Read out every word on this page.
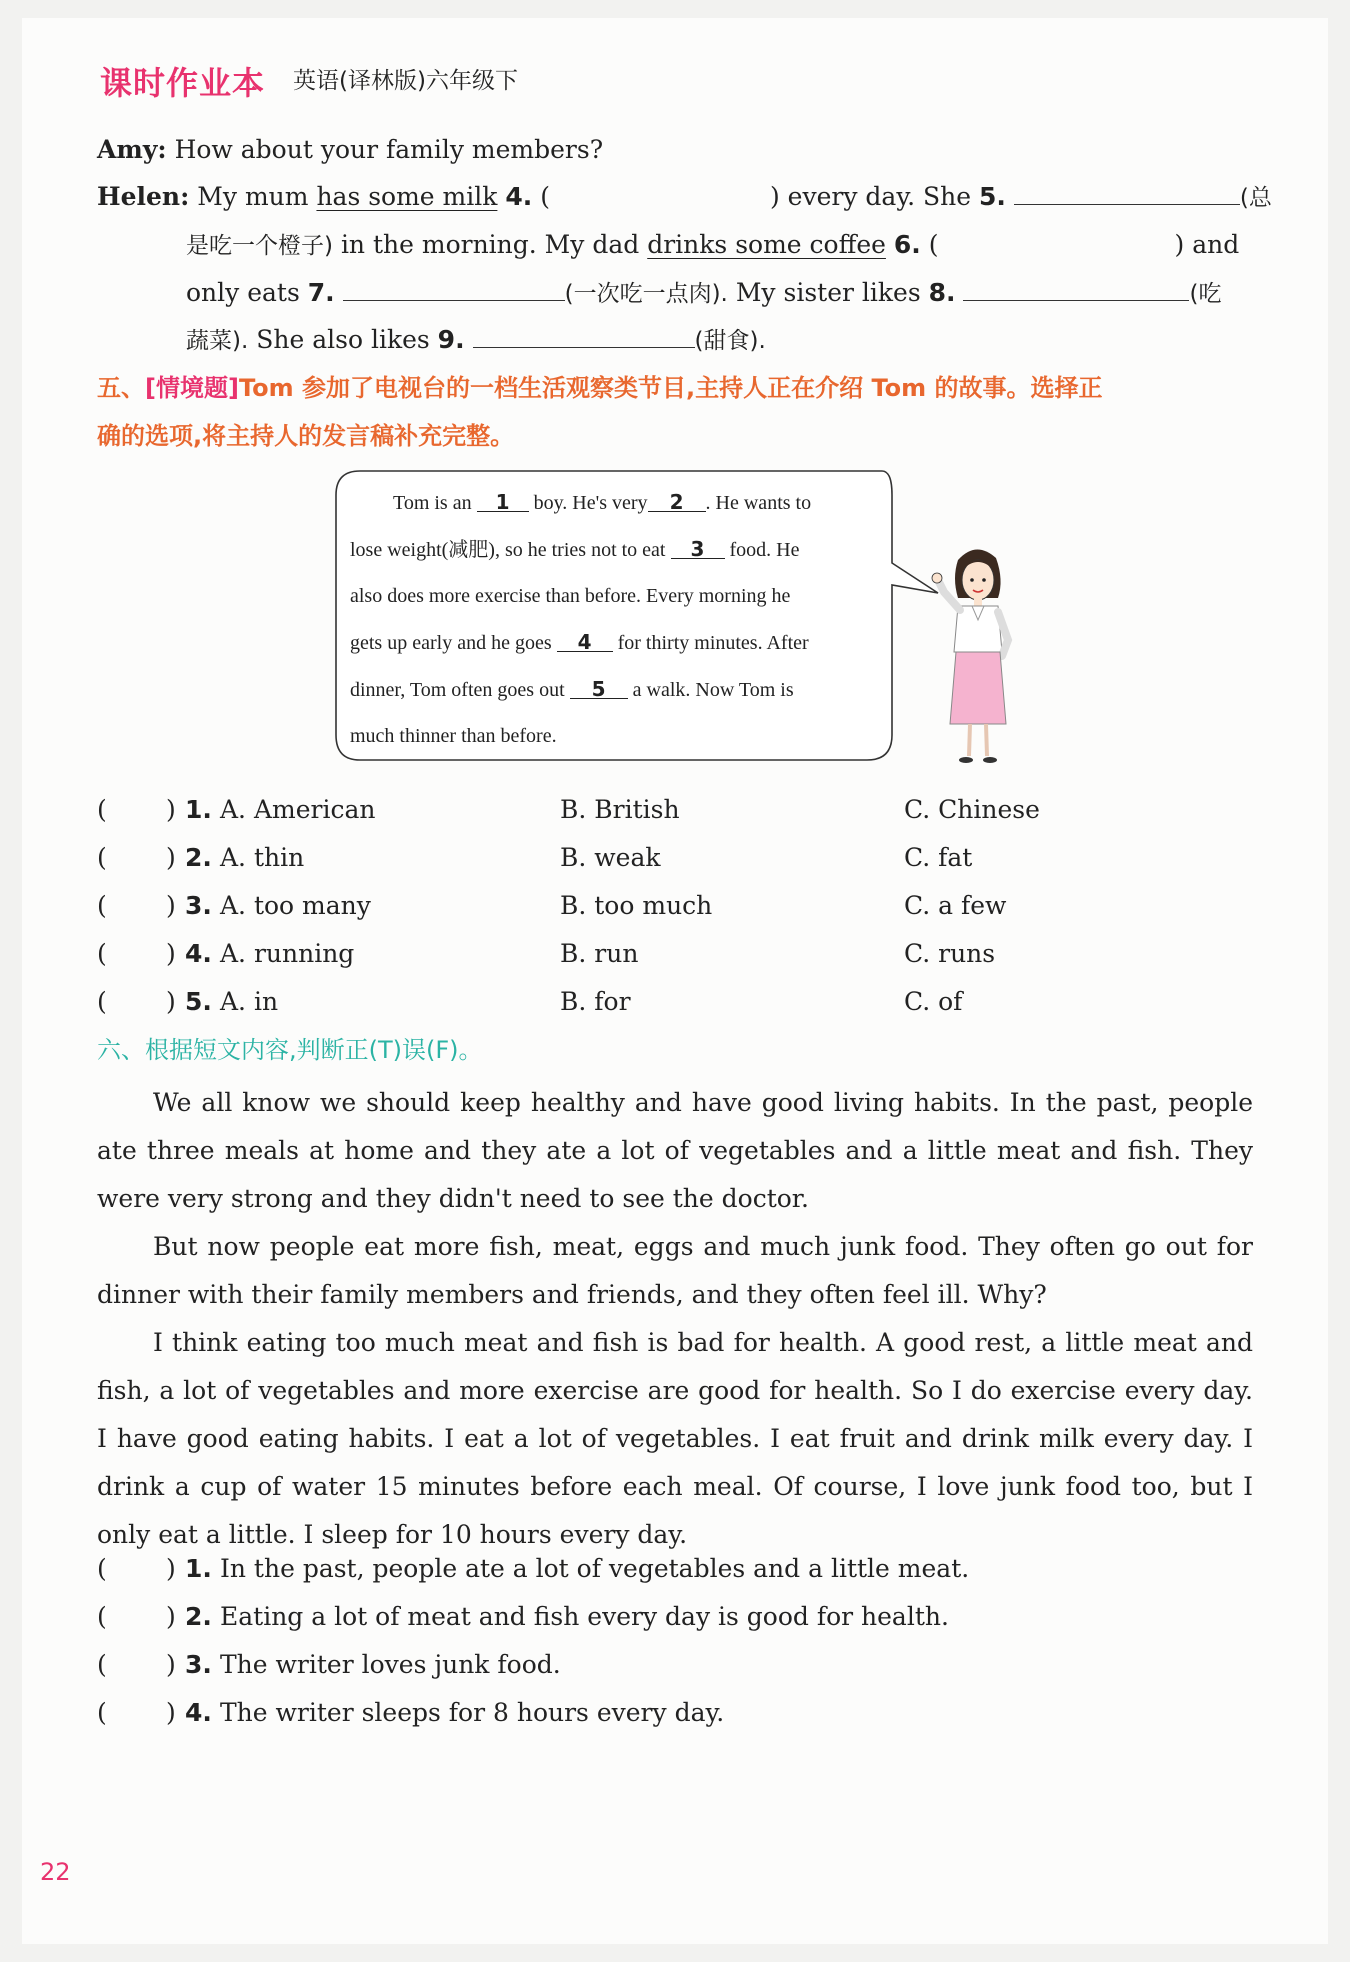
课时作业本 英语(译林版)六年级下
Amy: How about your family members?
Helen: My mum has some milk 4. (	) every day. She 5.	(总
是吃一个橙子) in the morning. My dad drinks some coffee 6. (	) and
only eats 7.	(一次吃一点肉). My sister likes 8.	(吃
蔬菜). She also likes 9.	(甜食).
五、[情境题]Tom 参加了电视台的一档生活观察类节目,主持人正在介绍 Tom 的故事。选择正
确的选项,将主持人的发言稿补充完整。
Tom is an 1 boy. He's very 2 . He wants to
lose weight(减肥), so he tries not to eat 3 food. He
also does more exercise than before. Every morning he
gets up early and he goes 4 for thirty minutes. After
dinner, Tom often goes out 5 a walk. Now Tom is
much thinner than before.
( ) 1. A. American	B. British	C. Chinese
( ) 2. A. thin	B. weak	C. fat
( ) 3. A. too many	B. too much	C. a few
( ) 4. A. running	B. run	C. runs
( ) 5. A. in	B. for	C. of
六、根据短文内容,判断正(T)误(F)。
We all know we should keep healthy and have good living habits. In the past, people ate three meals at home and they ate a lot of vegetables and a little meat and fish. They were very strong and they didn't need to see the doctor.
But now people eat more fish, meat, eggs and much junk food. They often go out for dinner with their family members and friends, and they often feel ill. Why?
I think eating too much meat and fish is bad for health. A good rest, a little meat and fish, a lot of vegetables and more exercise are good for health. So I do exercise every day. I have good eating habits. I eat a lot of vegetables. I eat fruit and drink milk every day. I drink a cup of water 15 minutes before each meal. Of course, I love junk food too, but I only eat a little. I sleep for 10 hours every day.
( ) 1. In the past, people ate a lot of vegetables and a little meat.
( ) 2. Eating a lot of meat and fish every day is good for health.
( ) 3. The writer loves junk food.
( ) 4. The writer sleeps for 8 hours every day.
22
